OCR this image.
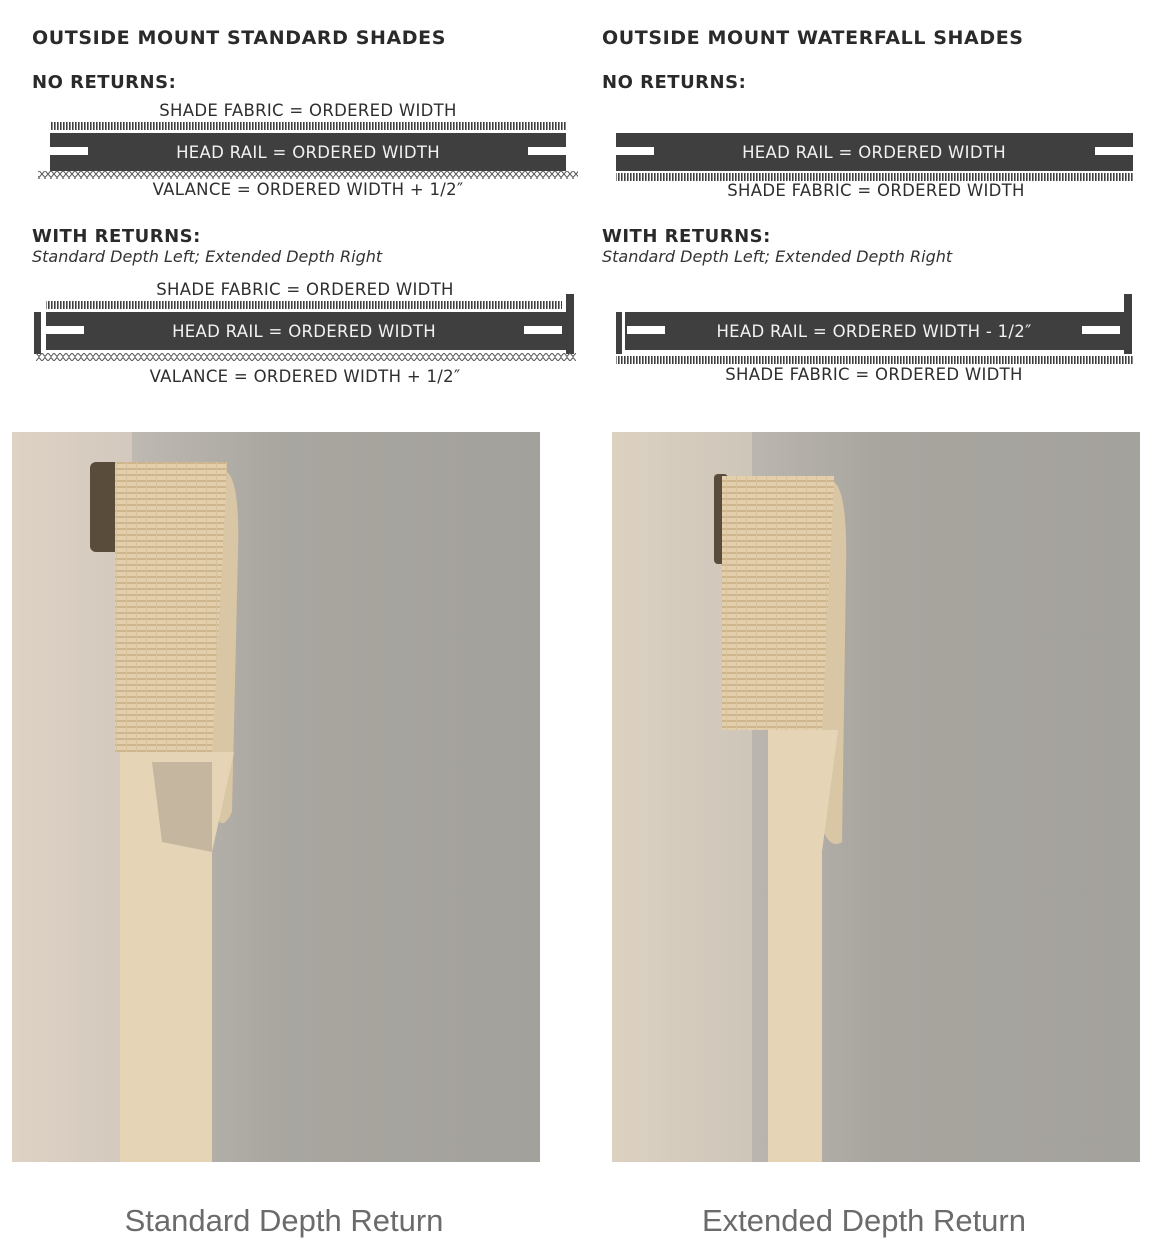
OUTSIDE MOUNT STANDARD SHADES
NO RETURNS:
SHADE FABRIC = ORDERED WIDTH
HEAD RAIL = ORDERED WIDTH
VALANCE = ORDERED WIDTH + 1/2″
WITH RETURNS:
Standard Depth Left; Extended Depth Right
SHADE FABRIC = ORDERED WIDTH
HEAD RAIL = ORDERED WIDTH
VALANCE = ORDERED WIDTH + 1/2″
OUTSIDE MOUNT WATERFALL SHADES
NO RETURNS:
HEAD RAIL = ORDERED WIDTH
SHADE FABRIC = ORDERED WIDTH
WITH RETURNS:
Standard Depth Left; Extended Depth Right
HEAD RAIL = ORDERED WIDTH - 1/2″
SHADE FABRIC = ORDERED WIDTH
Standard Depth Return	Extended Depth Return
